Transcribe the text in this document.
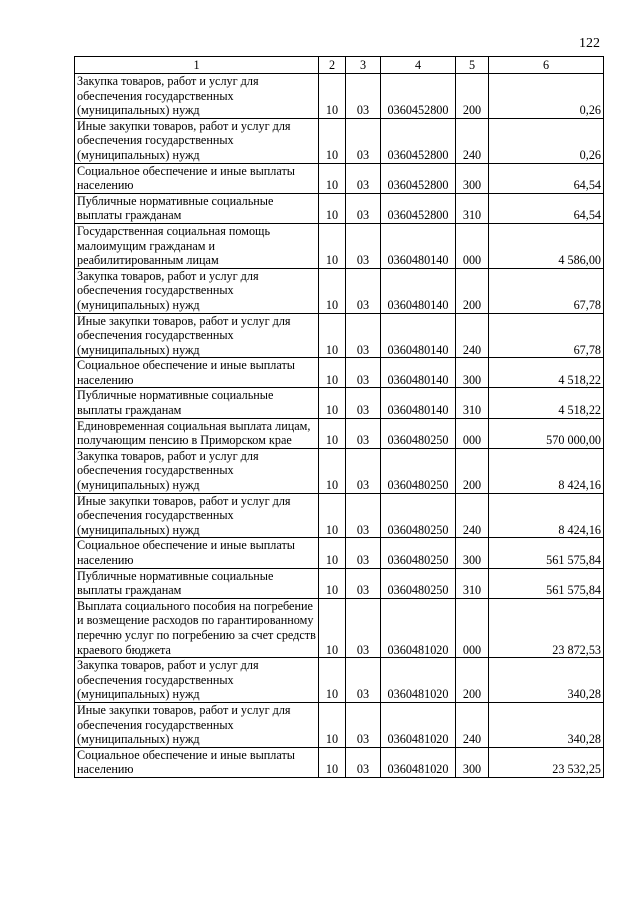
122
1	2	3	4	5	6
Закупка товаров, работ и услуг для обеспечения государственных (муниципальных) нужд	10	03	0360452800	200	0,26
Иные закупки товаров, работ и услуг для обеспечения государственных (муниципальных) нужд	10	03	0360452800	240	0,26
Социальное обеспечение и иные выплаты населению	10	03	0360452800	300	64,54
Публичные нормативные социальные выплаты гражданам	10	03	0360452800	310	64,54
Государственная социальная помощь малоимущим гражданам и реабилитированным лицам	10	03	0360480140	000	4 586,00
Закупка товаров, работ и услуг для обеспечения государственных (муниципальных) нужд	10	03	0360480140	200	67,78
Иные закупки товаров, работ и услуг для обеспечения государственных (муниципальных) нужд	10	03	0360480140	240	67,78
Социальное обеспечение и иные выплаты населению	10	03	0360480140	300	4 518,22
Публичные нормативные социальные выплаты гражданам	10	03	0360480140	310	4 518,22
Единовременная социальная выплата лицам, получающим пенсию в Приморском крае	10	03	0360480250	000	570 000,00
Закупка товаров, работ и услуг для обеспечения государственных (муниципальных) нужд	10	03	0360480250	200	8 424,16
Иные закупки товаров, работ и услуг для обеспечения государственных (муниципальных) нужд	10	03	0360480250	240	8 424,16
Социальное обеспечение и иные выплаты населению	10	03	0360480250	300	561 575,84
Публичные нормативные социальные выплаты гражданам	10	03	0360480250	310	561 575,84
Выплата социального пособия на погребение и возмещение расходов по гарантированному перечню услуг по погребению за счет средств краевого бюджета	10	03	0360481020	000	23 872,53
Закупка товаров, работ и услуг для обеспечения государственных (муниципальных) нужд	10	03	0360481020	200	340,28
Иные закупки товаров, работ и услуг для обеспечения государственных (муниципальных) нужд	10	03	0360481020	240	340,28
Социальное обеспечение и иные выплаты населению	10	03	0360481020	300	23 532,25
